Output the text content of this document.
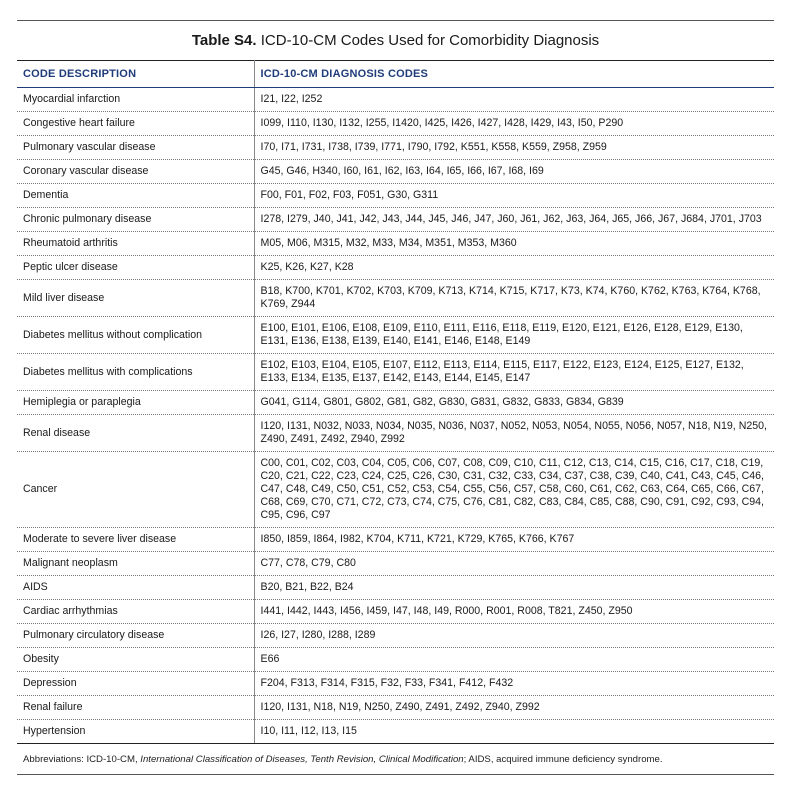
Table S4. ICD-10-CM Codes Used for Comorbidity Diagnosis
CODE DESCRIPTION	ICD-10-CM DIAGNOSIS CODES
Myocardial infarction	I21, I22, I252
Congestive heart failure	I099, I110, I130, I132, I255, I1420, I425, I426, I427, I428, I429, I43, I50, P290
Pulmonary vascular disease	I70, I71, I731, I738, I739, I771, I790, I792, K551, K558, K559, Z958, Z959
Coronary vascular disease	G45, G46, H340, I60, I61, I62, I63, I64, I65, I66, I67, I68, I69
Dementia	F00, F01, F02, F03, F051, G30, G311
Chronic pulmonary disease	I278, I279, J40, J41, J42, J43, J44, J45, J46, J47, J60, J61, J62, J63, J64, J65, J66, J67, J684, J701, J703
Rheumatoid arthritis	M05, M06, M315, M32, M33, M34, M351, M353, M360
Peptic ulcer disease	K25, K26, K27, K28
Mild liver disease	B18, K700, K701, K702, K703, K709, K713, K714, K715, K717, K73, K74, K760, K762, K763, K764, K768, K769, Z944
Diabetes mellitus without complication	E100, E101, E106, E108, E109, E110, E111, E116, E118, E119, E120, E121, E126, E128, E129, E130, E131, E136, E138, E139, E140, E141, E146, E148, E149
Diabetes mellitus with complications	E102, E103, E104, E105, E107, E112, E113, E114, E115, E117, E122, E123, E124, E125, E127, E132, E133, E134, E135, E137, E142, E143, E144, E145, E147
Hemiplegia or paraplegia	G041, G114, G801, G802, G81, G82, G830, G831, G832, G833, G834, G839
Renal disease	I120, I131, N032, N033, N034, N035, N036, N037, N052, N053, N054, N055, N056, N057, N18, N19, N250, Z490, Z491, Z492, Z940, Z992
Cancer	C00, C01, C02, C03, C04, C05, C06, C07, C08, C09, C10, C11, C12, C13, C14, C15, C16, C17, C18, C19, C20, C21, C22, C23, C24, C25, C26, C30, C31, C32, C33, C34, C37, C38, C39, C40, C41, C43, C45, C46, C47, C48, C49, C50, C51, C52, C53, C54, C55, C56, C57, C58, C60, C61, C62, C63, C64, C65, C66, C67, C68, C69, C70, C71, C72, C73, C74, C75, C76, C81, C82, C83, C84, C85, C88, C90, C91, C92, C93, C94, C95, C96, C97
Moderate to severe liver disease	I850, I859, I864, I982, K704, K711, K721, K729, K765, K766, K767
Malignant neoplasm	C77, C78, C79, C80
AIDS	B20, B21, B22, B24
Cardiac arrhythmias	I441, I442, I443, I456, I459, I47, I48, I49, R000, R001, R008, T821, Z450, Z950
Pulmonary circulatory disease	I26, I27, I280, I288, I289
Obesity	E66
Depression	F204, F313, F314, F315, F32, F33, F341, F412, F432
Renal failure	I120, I131, N18, N19, N250, Z490, Z491, Z492, Z940, Z992
Hypertension	I10, I11, I12, I13, I15
Abbreviations: ICD-10-CM, International Classification of Diseases, Tenth Revision, Clinical Modification; AIDS, acquired immune deficiency syndrome.
